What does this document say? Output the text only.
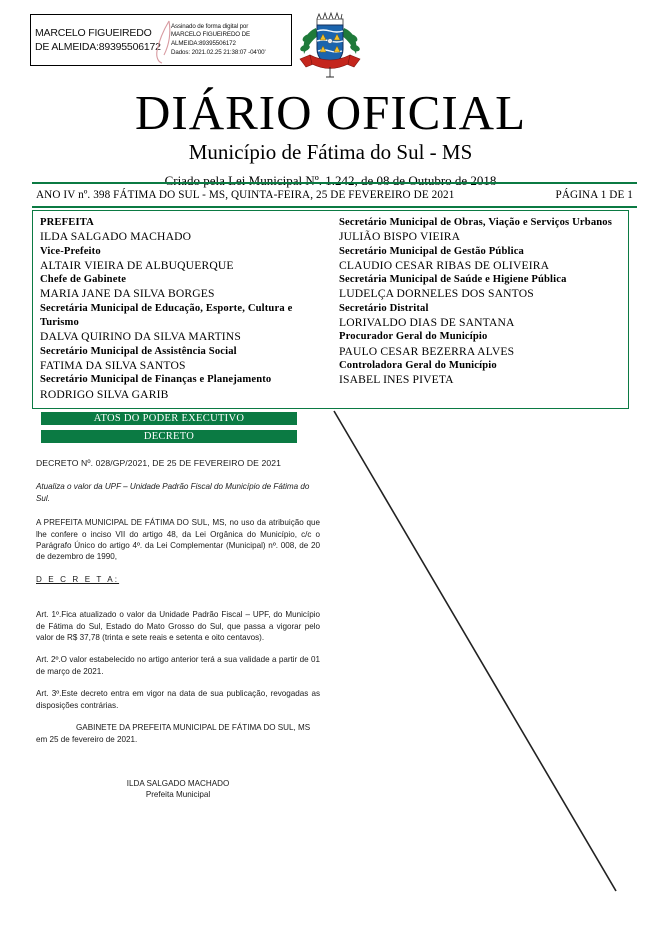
MARCELO FIGUEIREDO DE ALMEIDA:89395506172
Assinado de forma digital por
MARCELO FIGUEIREDO DE
ALMEIDA:89395506172
Dados: 2021.02.25 21:38:07 -04'00'
DIÁRIO OFICIAL
Município de Fátima do Sul - MS
Criado pela Lei Municipal Nº. 1.242, de 08 de Outubro de 2018
ANO IV nº. 398 FÁTIMA DO SUL - MS, QUINTA-FEIRA, 25 DE FEVEREIRO DE 2021	PÁGINA 1 DE 1
PREFEITA
ILDA SALGADO MACHADO
Vice-Prefeito
ALTAIR VIEIRA DE ALBUQUERQUE
Chefe de Gabinete
MARIA JANE DA SILVA BORGES
Secretária Municipal de Educação, Esporte, Cultura e Turismo
DALVA QUIRINO DA SILVA MARTINS
Secretário Municipal de Assistência Social
FATIMA DA SILVA SANTOS
Secretário Municipal de Finanças e Planejamento
RODRIGO SILVA GARIB
Secretário Municipal de Obras, Viação e Serviços Urbanos
JULIÃO BISPO VIEIRA
Secretário Municipal de Gestão Pública
CLAUDIO CESAR RIBAS DE OLIVEIRA
Secretária Municipal de Saúde e Higiene Pública
LUDELÇA DORNELES DOS SANTOS
Secretário Distrital
LORIVALDO DIAS DE SANTANA
Procurador Geral do Município
PAULO CESAR BEZERRA ALVES
Controladora Geral do Município
ISABEL INES PIVETA
ATOS DO PODER EXECUTIVO
DECRETO

DECRETO Nº. 028/GP/2021, DE 25 DE FEVEREIRO DE 2021

Atualiza o valor da UPF – Unidade Padrão Fiscal do Município de Fátima do Sul.

A PREFEITA MUNICIPAL DE FÁTIMA DO SUL, MS, no uso da atribuição que lhe confere o inciso VII do artigo 48, da Lei Orgânica do Município, c/c o Parágrafo Único do artigo 4º. da Lei Complementar (Municipal) nº. 008, de 20 de dezembro de 1990,

D E C R E T A:

Art. 1º.Fica atualizado o valor da Unidade Padrão Fiscal – UPF, do Município de Fátima do Sul, Estado do Mato Grosso do Sul, que passa a vigorar pelo valor de R$ 37,78 (trinta e sete reais e setenta e oito centavos).

Art. 2º.O valor estabelecido no artigo anterior terá a sua validade a partir de 01 de março de 2021.

Art. 3º.Este decreto entra em vigor na data de sua publicação, revogadas as disposições contrárias.

GABINETE DA PREFEITA MUNICIPAL DE FÁTIMA DO SUL, MS em 25 de fevereiro de 2021.

ILDA SALGADO MACHADO
Prefeita Municipal
